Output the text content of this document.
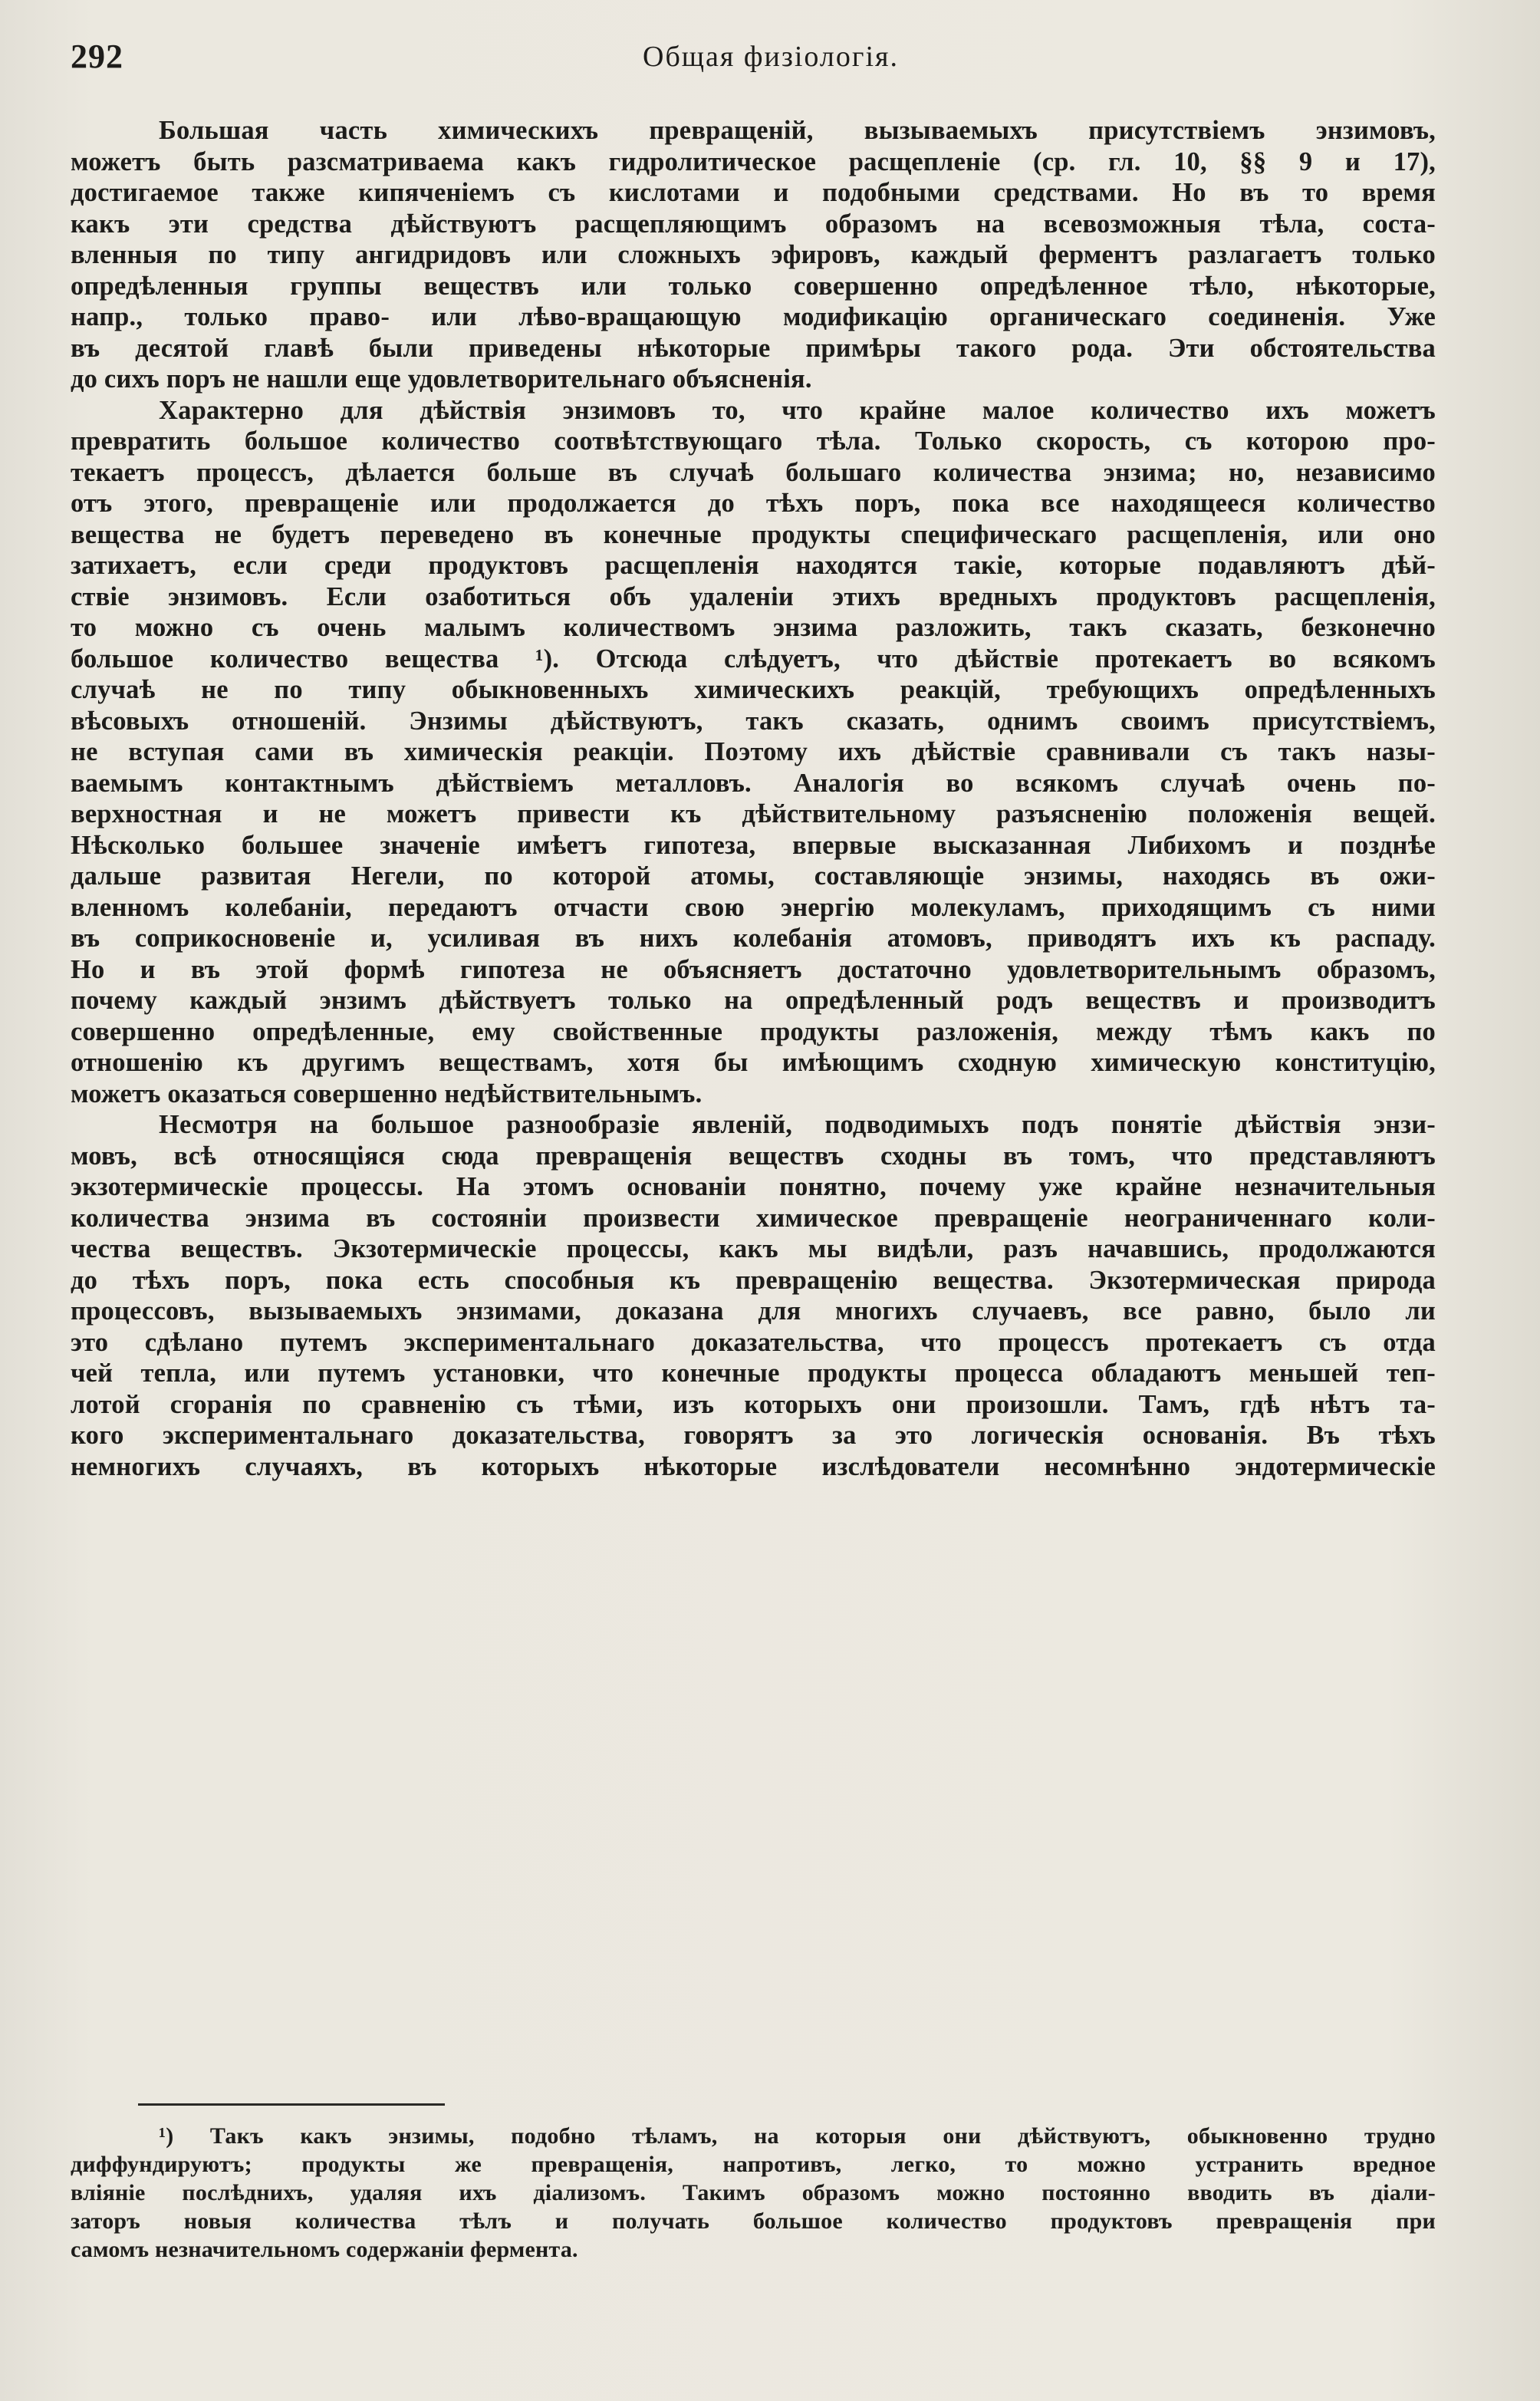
292	Общая физiологiя.
Большая часть химическихъ превращенiй, вызываемыхъ присутствiемъ энзимовъ,
можетъ быть разсматриваема какъ гидролитическое расщепленiе (ср. гл. 10, §§ 9 и 17),
достигаемое также кипяченiемъ съ кислотами и подобными средствами. Но въ то время
какъ эти средства дѣйствуютъ расщепляющимъ образомъ на всевозможныя тѣла, соста-
вленныя по типу ангидридовъ или сложныхъ эфировъ, каждый ферментъ разлагаетъ только
опредѣленныя группы веществъ или только совершенно опредѣленное тѣло, нѣкоторые,
напр., только право- или лѣво-вращающую модификацiю органическаго соединенiя. Уже
въ десятой главѣ были приведены нѣкоторые примѣры такого рода. Эти обстоятельства
до сихъ поръ не нашли еще удовлетворительнаго объясненiя.
Характерно для дѣйствiя энзимовъ то, что крайне малое количество ихъ можетъ
превратить большое количество соотвѣтствующаго тѣла. Только скорость, съ которою про-
текаетъ процессъ, дѣлается больше въ случаѣ большаго количества энзима; но, независимо
отъ этого, превращенiе или продолжается до тѣхъ поръ, пока все находящееся количество
вещества не будетъ переведено въ конечные продукты специфическаго расщепленiя, или оно
затихаетъ, если среди продуктовъ расщепленiя находятся такiе, которые подавляютъ дѣй-
ствiе энзимовъ. Если озаботиться объ удаленiи этихъ вредныхъ продуктовъ расщепленiя,
то можно съ очень малымъ количествомъ энзима разложить, такъ сказать, безконечно
большое количество вещества ¹). Отсюда слѣдуетъ, что дѣйствiе протекаетъ во всякомъ
случаѣ не по типу обыкновенныхъ химическихъ реакцiй, требующихъ опредѣленныхъ
вѣсовыхъ отношенiй. Энзимы дѣйствуютъ, такъ сказать, однимъ своимъ присутствiемъ,
не вступая сами въ химическiя реакцiи. Поэтому ихъ дѣйствiе сравнивали съ такъ назы-
ваемымъ контактнымъ дѣйствiемъ металловъ. Аналогiя во всякомъ случаѣ очень по-
верхностная и не можетъ привести къ дѣйствительному разъясненiю положенiя вещей.
Нѣсколько большее значенiе имѣетъ гипотеза, впервые высказанная Либихомъ и позднѣе
дальше развитая Негели, по которой атомы, составляющiе энзимы, находясь въ ожи-
вленномъ колебанiи, передаютъ отчасти свою энергiю молекуламъ, приходящимъ съ ними
въ соприкосновенiе и, усиливая въ нихъ колебанiя атомовъ, приводятъ ихъ къ распаду.
Но и въ этой формѣ гипотеза не объясняетъ достаточно удовлетворительнымъ образомъ,
почему каждый энзимъ дѣйствуетъ только на опредѣленный родъ веществъ и производитъ
совершенно опредѣленные, ему свойственные продукты разложенiя, между тѣмъ какъ по
отношенiю къ другимъ веществамъ, хотя бы имѣющимъ сходную химическую конституцiю,
можетъ оказаться совершенно недѣйствительнымъ.
Несмотря на большое разнообразiе явленiй, подводимыхъ подъ понятiе дѣйствiя энзи-
мовъ, всѣ относящiяся сюда превращенiя веществъ сходны въ томъ, что представляютъ
экзотермическiе процессы. На этомъ основанiи понятно, почему уже крайне незначительныя
количества энзима въ состоянiи произвести химическое превращенiе неограниченнаго коли-
чества веществъ. Экзотермическiе процессы, какъ мы видѣли, разъ начавшись, продолжаются
до тѣхъ поръ, пока есть способныя къ превращенiю вещества. Экзотермическая природа
процессовъ, вызываемыхъ энзимами, доказана для многихъ случаевъ, все равно, было ли
это сдѣлано путемъ экспериментальнаго доказательства, что процессъ протекаетъ съ отда
чей тепла, или путемъ установки, что конечные продукты процесса обладаютъ меньшей теп-
лотой сгоранiя по сравненiю съ тѣми, изъ которыхъ они произошли. Тамъ, гдѣ нѣтъ та-
кого экспериментальнаго доказательства, говорятъ за это логическiя основанiя. Въ тѣхъ
немногихъ случаяхъ, въ которыхъ нѣкоторые изслѣдователи несомнѣнно эндотермическiе
¹) Такъ какъ энзимы, подобно тѣламъ, на которыя они дѣйствуютъ, обыкновенно трудно
диффундируютъ; продукты же превращенiя, напротивъ, легко, то можно устранить вредное
влiянiе послѣднихъ, удаляя ихъ дiализомъ. Такимъ образомъ можно постоянно вводить въ дiали-
заторъ новыя количества тѣлъ и получать большое количество продуктовъ превращенiя при
самомъ незначительномъ содержанiи фермента.
